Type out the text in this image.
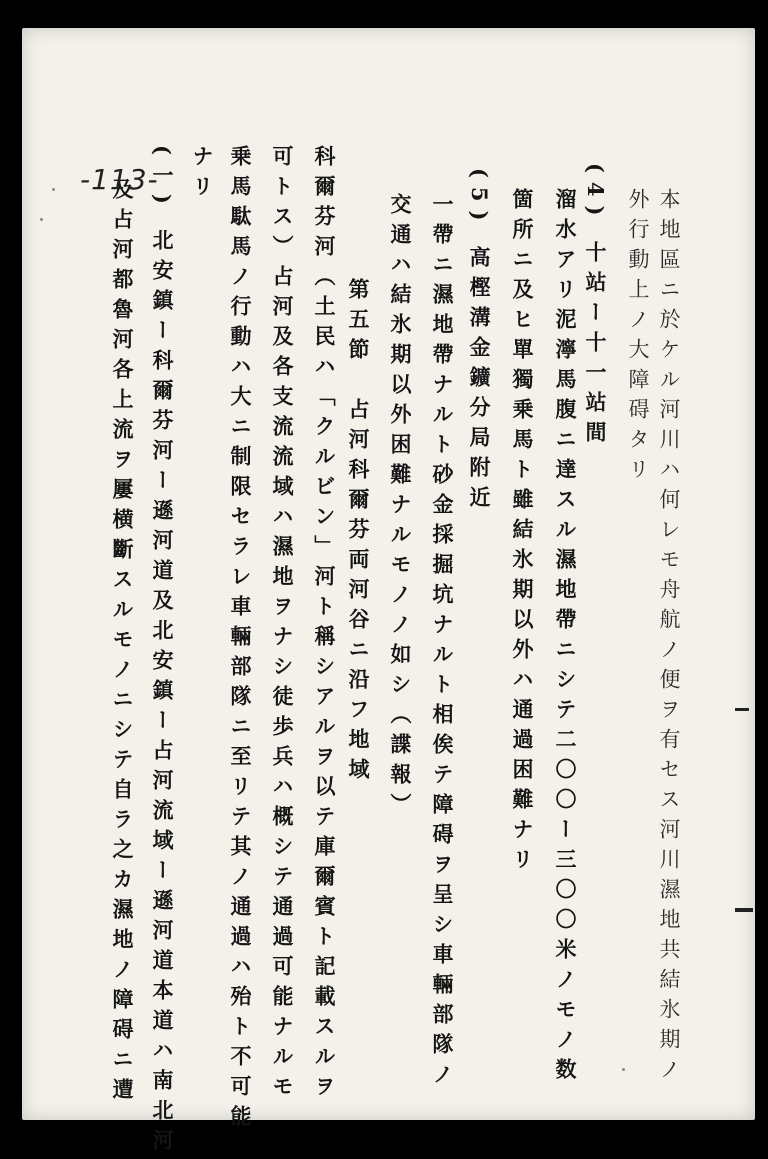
本地區ニ於ケル河川ハ何レモ舟航ノ便ヲ有セス河川濕地共結氷期ノ
外行動上ノ大障碍タリ
(4) 十站ー十一站間
溜水アリ泥濘馬腹ニ達スル濕地帶ニシテ二〇〇ー三〇〇米ノモノ数
箇所ニ及ヒ單獨乗馬ト雖結氷期以外ハ通過困難ナリ
(5) 高樫溝金鑛分局附近
一帶ニ濕地帶ナルト砂金採掘坑ナルト相俟テ障碍ヲ呈シ車輛部隊ノ
交通ハ結氷期以外困難ナルモノノ如シ（諜報）
第五節　占河科爾芬両河谷ニ沿フ地域
科爾芬河（土民ハ「クルビン」河ト稱シアルヲ以テ庫爾賓ト記載スルヲ
可トス）占河及各支流流域ハ濕地ヲナシ徒歩兵ハ概シテ通過可能ナルモ
乗馬駄馬ノ行動ハ大ニ制限セラレ車輛部隊ニ至リテ其ノ通過ハ殆ト不可能
ナリ
(一) 北安鎮ー科爾芬河ー遜河道及北安鎮ー占河流域ー遜河道本道ハ南北河
及占河都魯河各上流ヲ屢横斷スルモノニシテ自ラ之カ濕地ノ障碍ニ遭
-113-
